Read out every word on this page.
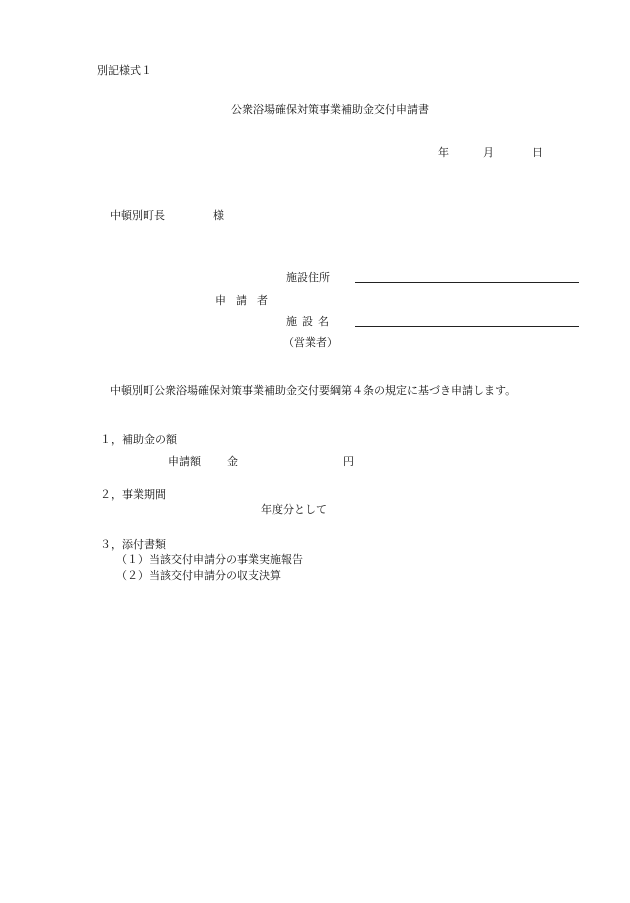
別記様式１
公衆浴場確保対策事業補助金交付申請書
年	月	日
中頓別町長	様
施設住所
申請者
施設名
（営業者）
中頓別町公衆浴場確保対策事業補助金交付要綱第４条の規定に基づき申請します。
１，補助金の額
申請額 金	円
２，事業期間
年度分として
３，添付書類
（１）当該交付申請分の事業実施報告
（２）当該交付申請分の収支決算
